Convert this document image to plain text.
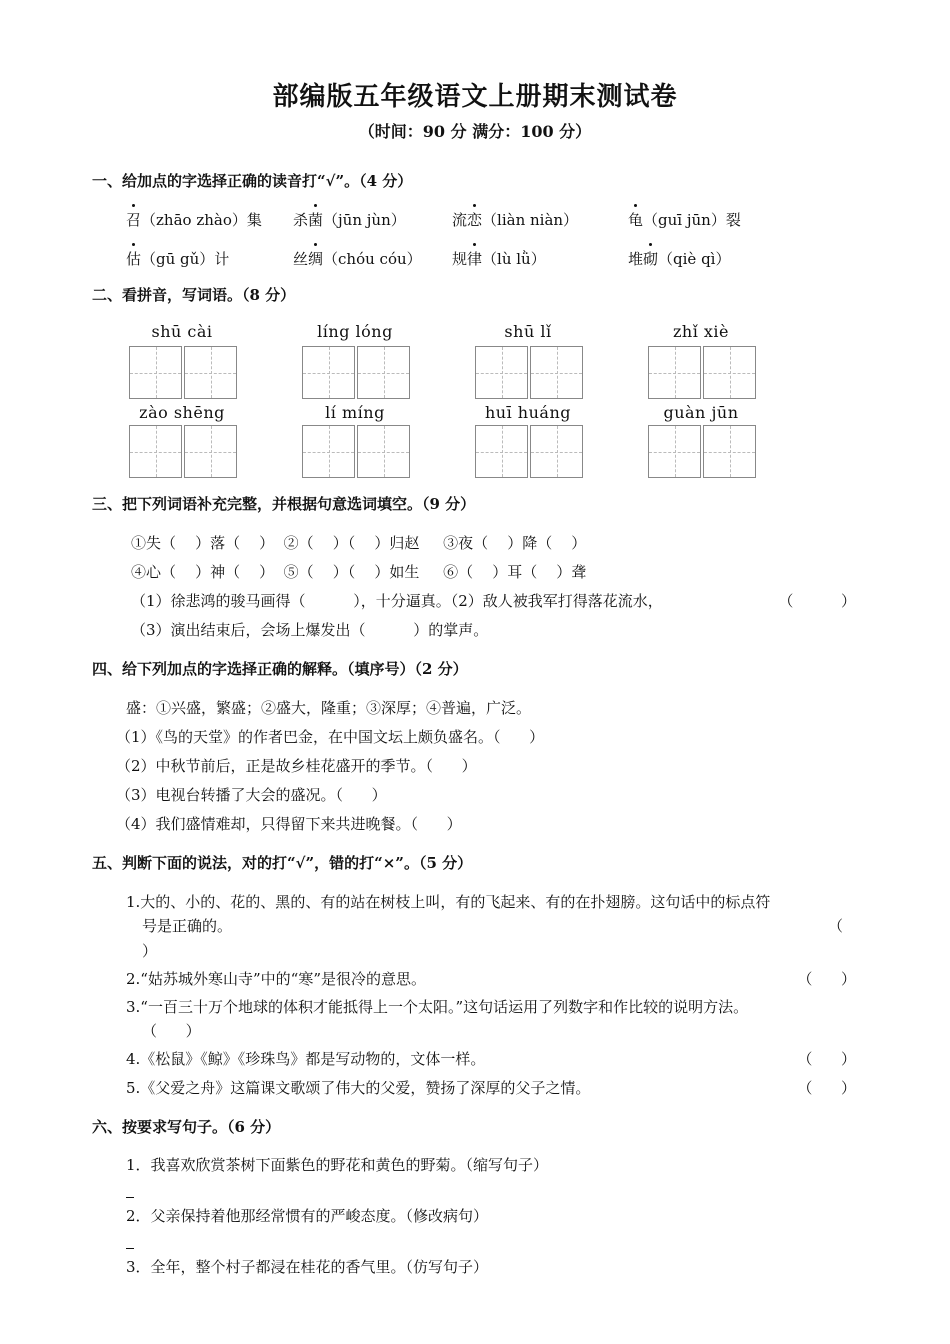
部编版五年级语文上册期末测试卷
（时间：90 分 满分：100 分）
一、给加点的字选择正确的读音打“√”。（4 分）
召（zhāo zhào）集 杀菌（jūn jùn）	流恋（liàn niàn）	龟（guī jūn）裂
估（gū gǔ）计	丝绸（chóu cóu） 规律（lù lǜ）	堆砌（qiè qì）
二、看拼音，写词语。（8 分）
shū cài	líng lóng	shū lǐ	zhǐ xiè
zào shēng	lí míng	huī huáng	guàn jūn
三、把下列词语补充完整，并根据句意选词填空。（9 分）
①失（    ）落（    ）  ②（    ）（    ）归赵     ③夜（    ）降（    ）
④心（    ）神（    ）  ⑤（    ）（    ）如生     ⑥（    ）耳（    ）聋
（1）徐悲鸿的骏马画得（          ），十分逼真。（2）敌人被我军打得落花流水，	（          ）
（3）演出结束后，会场上爆发出（          ）的掌声。
四、给下列加点的字选择正确的解释。（填序号）（2 分）
盛：①兴盛，繁盛；②盛大，隆重；③深厚；④普遍，广泛。
（1）《鸟的天堂》的作者巴金，在中国文坛上颇负盛名。（      ）
（2）中秋节前后，正是故乡桂花盛开的季节。（      ）
（3）电视台转播了大会的盛况。（      ）
（4）我们盛情难却，只得留下来共进晚餐。（      ）
五、判断下面的说法，对的打“√”，错的打“×”。（5 分）
1.大的、小的、花的、黑的、有的站在树枝上叫，有的飞起来、有的在扑翅膀。这句话中的标点符
号是正确的。	（
）
2.“姑苏城外寒山寺”中的“寒”是很冷的意思。	（      ）
3.“一百三十万个地球的体积才能抵得上一个太阳。”这句话运用了列数字和作比较的说明方法。
（      ）
4.《松鼠》《鲸》《珍珠鸟》都是写动物的，文体一样。	（      ）
5.《父爱之舟》这篇课文歌颂了伟大的父爱，赞扬了深厚的父子之情。	（      ）
六、按要求写句子。（6 分）
1．我喜欢欣赏茶树下面紫色的野花和黄色的野菊。（缩写句子）
2．父亲保持着他那经常惯有的严峻态度。（修改病句）
3．全年，整个村子都浸在桂花的香气里。（仿写句子）
